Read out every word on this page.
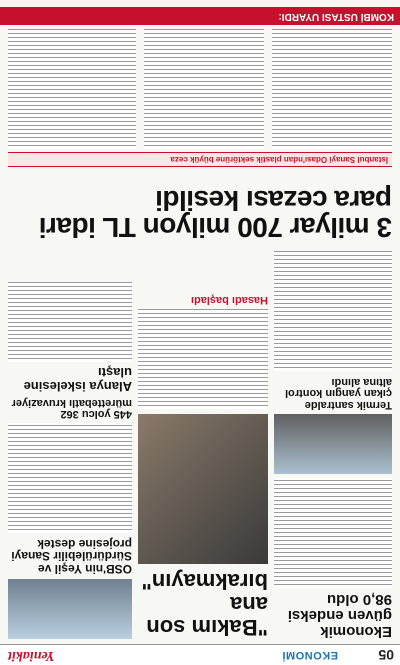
05
EKONOMİ
Yeniakit
Ekonomik güven endeksi 98,0 oldu
Termik santralde çıkan yangın kontrol altına alındı
"Bakım son ana bırakmayın"
Hasadı başladı
OSB'nin Yeşil ve Sürdürülebilir Sanayi projesine destek
445 yolcu 362 mürettebatlı kruvaziyer
Alanya iskelesine ulaştı
3 milyar 700 milyon TL idari para cezası kesildi
İstanbul Sanayi Odası'ndan plastik sektörüne büyük ceza
KOMBİ USTASI UYARDI:
